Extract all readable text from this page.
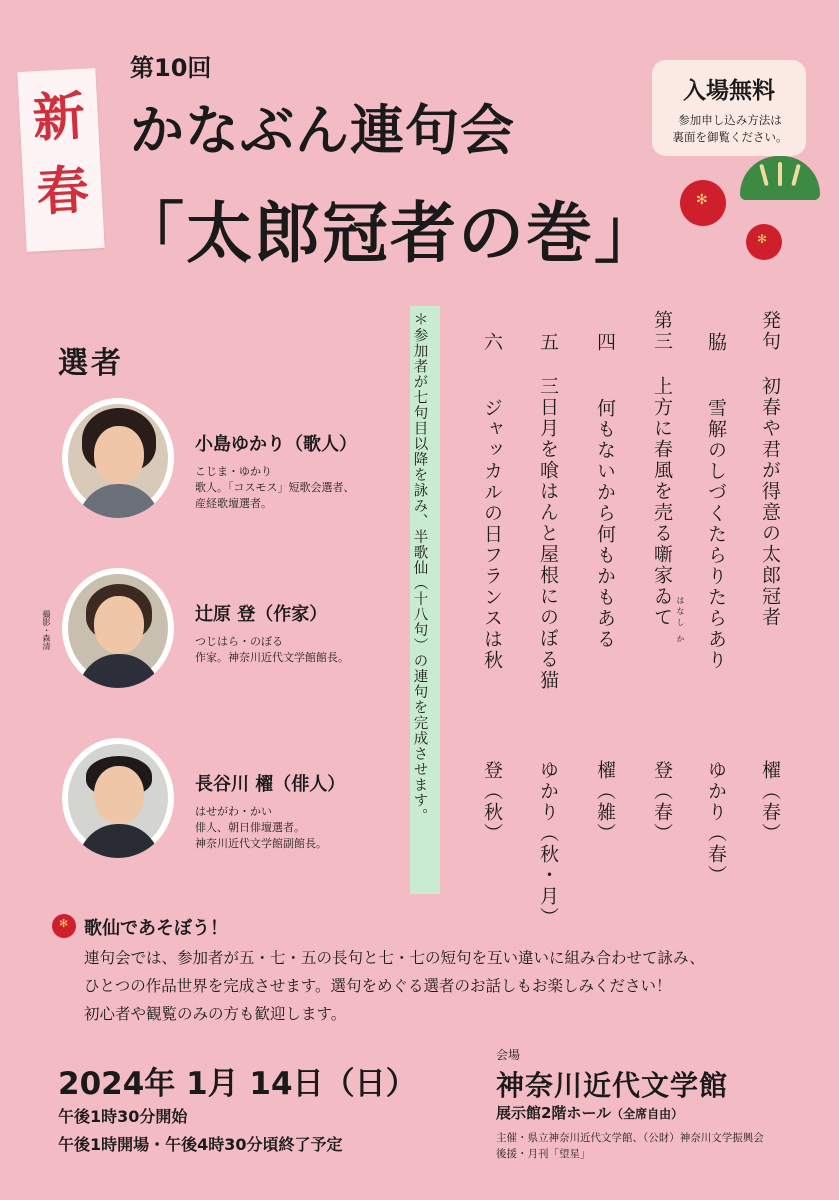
新
春
第10回
かなぶん連句会
「太郎冠者の巻」
入場無料
参加申し込み方法は
裏面を御覧ください。
✻
✻
選者
小島ゆかり（歌人）
こじま・ゆかり
歌人。「コスモス」短歌会選者、
産経歌壇選者。
撮影・森清	辻原 登（作家）
つじはら・のぼる
作家。神奈川近代文学館館長。
長谷川 櫂（俳人）
はせがわ・かい
俳人、朝日俳壇選者。
神奈川近代文学館副館長。
＊参加者が七句目以降を詠み、半歌仙（十八句）の連句を完成させます。	発句
初春や君が得意の太郎冠者
櫂（春）
脇
雪解のしづくたらりたらあり
ゆかり（春）
第三
上方に春風を売る噺家ゐて はなし か
登（春）
四
何もないから何もかもある
櫂（雑）
五
三日月を喰はんと屋根にのぼる猫
ゆかり（秋・月）
六
ジャッカルの日フランスは秋
登（秋）
✻ 歌仙であそぼう！
連句会では、参加者が五・七・五の長句と七・七の短句を互い違いに組み合わせて詠み、
ひとつの作品世界を完成させます。選句をめぐる選者のお話しもお楽しみください！
初心者や観覧のみの方も歓迎します。
2024年 1月 14日（日）
午後1時30分開始
午後1時開場・午後4時30分頃終了予定
会場
神奈川近代文学館
展示館2階ホール（全席自由）
主催・県立神奈川近代文学館、（公財）神奈川文学振興会
後援・月刊「望星」
